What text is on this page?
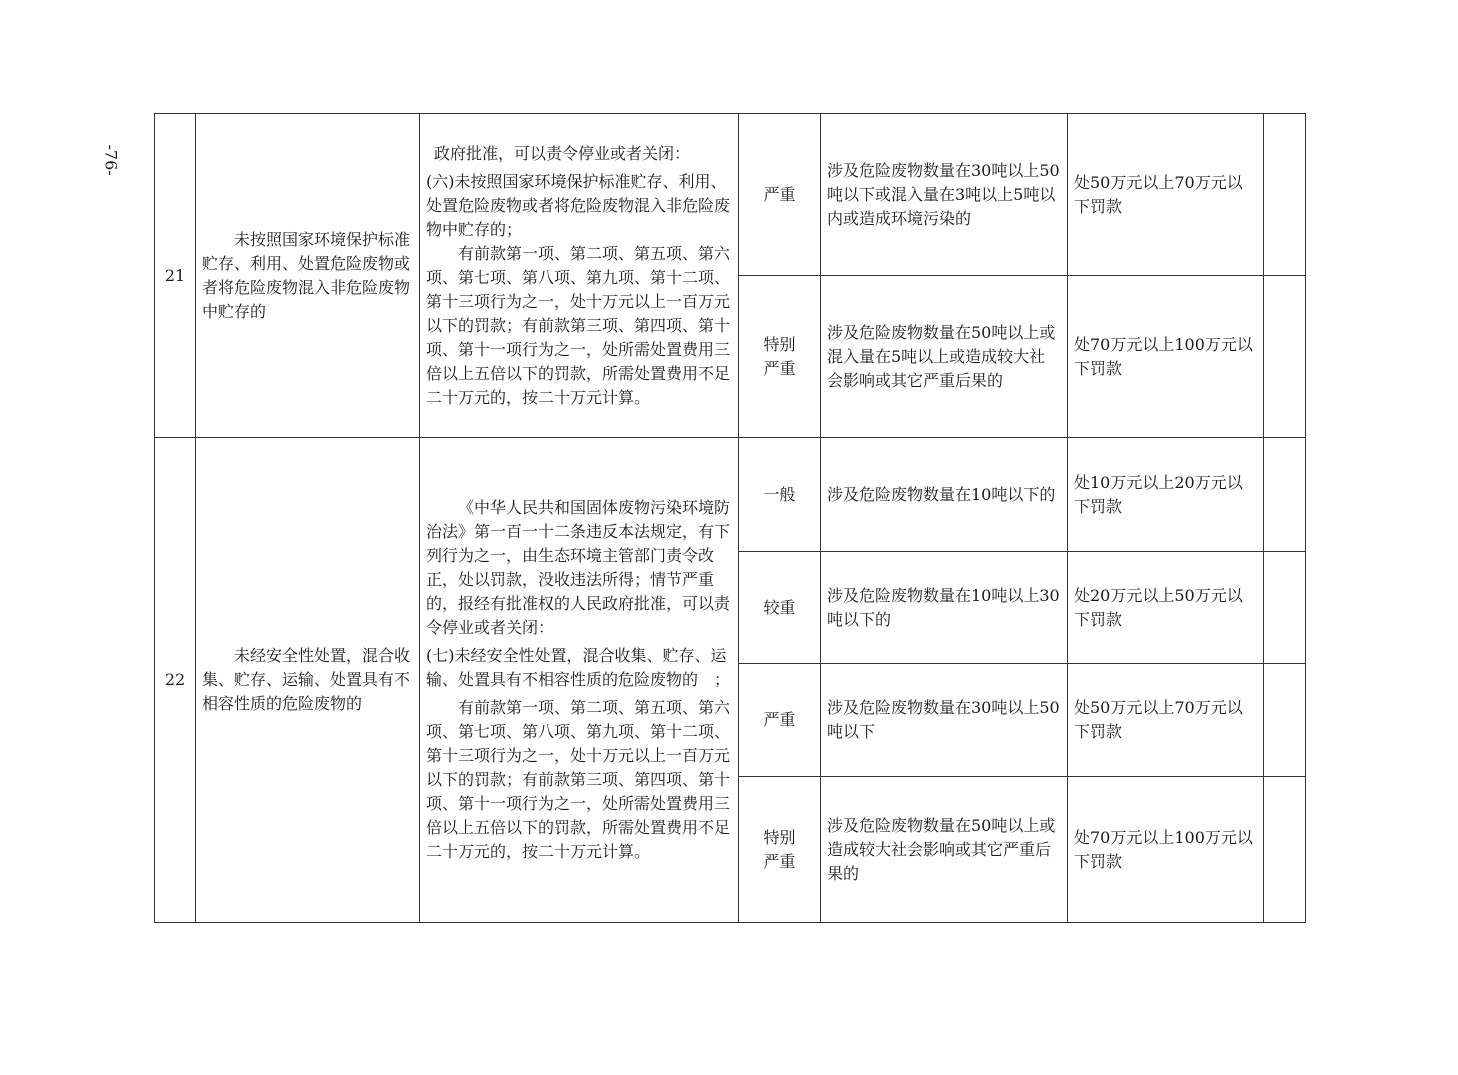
-76-
21	未按照国家环境保护标准贮存、利用、处置危险废物或者将危险废物混入非危险废物中贮存的	政府批准，可以责令停业或者关闭：

(六)未按照国家环境保护标准贮存、利用、处置危险废物或者将危险废物混入非危险废物中贮存的；

有前款第一项、第二项、第五项、第六项、第七项、第八项、第九项、第十二项、第十三项行为之一，处十万元以上一百万元以下的罚款；有前款第三项、第四项、第十项、第十一项行为之一，处所需处置费用三倍以上五倍以下的罚款，所需处置费用不足二十万元的，按二十万元计算。	严重	涉及危险废物数量在30吨以上50吨以下或混入量在3吨以上5吨以内或造成环境污染的	处50万元以上70万元以下罚款	

			特别
严重	涉及危险废物数量在50吨以上或混入量在5吨以上或造成较大社会影响或其它严重后果的	处70万元以上100万元以下罚款	
22	未经安全性处置，混合收集、贮存、运输、处置具有不相容性质的危险废物的	《中华人民共和国固体废物污染环境防治法》第一百一十二条违反本法规定，有下列行为之一，由生态环境主管部门责令改正，处以罚款，没收违法所得；情节严重的，报经有批准权的人民政府批准，可以责令停业或者关闭：

(七)未经安全性处置，混合收集、贮存、运输、处置具有不相容性质的危险废物的　；

有前款第一项、第二项、第五项、第六项、第七项、第八项、第九项、第十二项、第十三项行为之一，处十万元以上一百万元以下的罚款；有前款第三项、第四项、第十项、第十一项行为之一，处所需处置费用三倍以上五倍以下的罚款，所需处置费用不足二十万元的，按二十万元计算。	一般	涉及危险废物数量在10吨以下的	处10万元以上20万元以下罚款	

			较重	涉及危险废物数量在10吨以上30吨以下的	处20万元以上50万元以下罚款	

			严重	涉及危险废物数量在30吨以上50吨以下	处50万元以上70万元以下罚款	

			特别
严重	涉及危险废物数量在50吨以上或造成较大社会影响或其它严重后果的	处70万元以上100万元以下罚款	
